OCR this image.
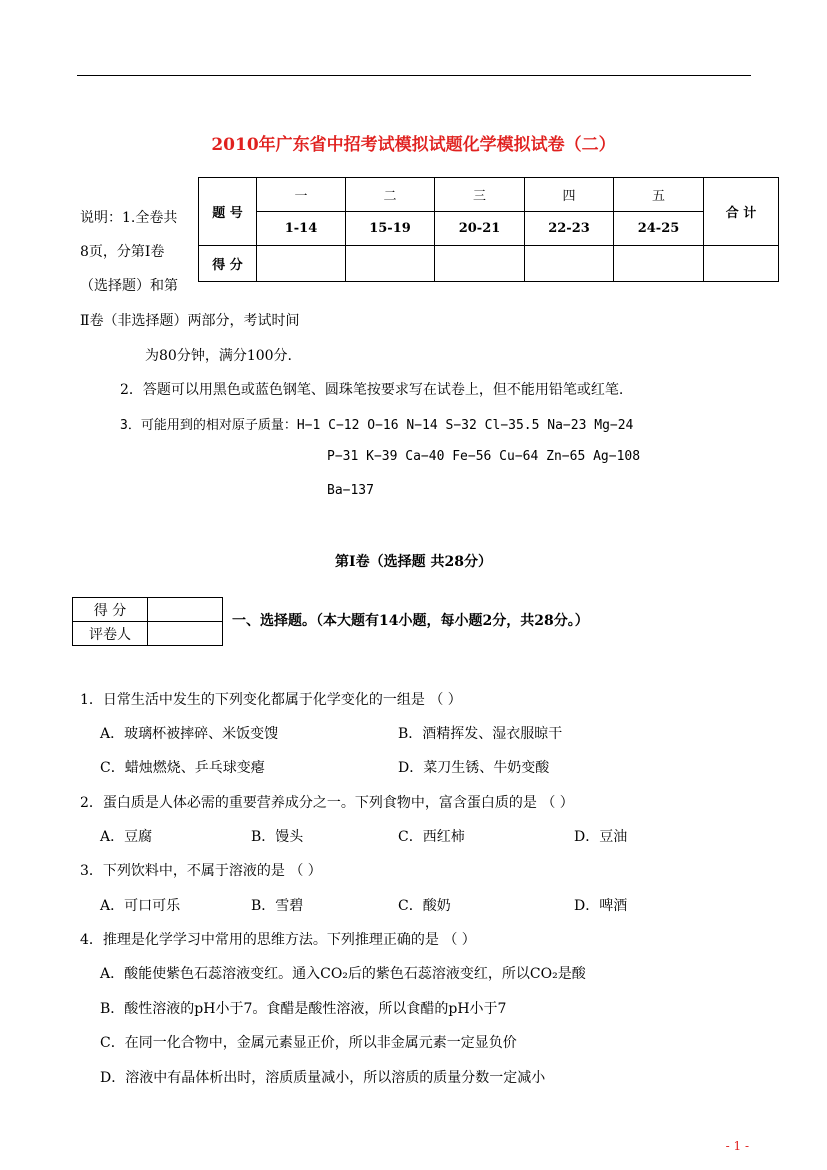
2010年广东省中招考试模拟试题化学模拟试卷（二）
题 号	一	二	三	四	五	合 计
	1-14	15-19	20-21	22-23	24-25	
得 分						
说明：1.全卷共
8页，分第Ⅰ卷
（选择题）和第
Ⅱ卷（非选择题）两部分，考试时间
为80分钟，满分100分.
2．答题可以用黑色或蓝色钢笔、圆珠笔按要求写在试卷上，但不能用铅笔或红笔.
3．可能用到的相对原子质量：H−1 C−12 O−16 N−14 S−32 Cl−35.5 Na−23 Mg−24
P−31 K−39 Ca−40 Fe−56 Cu−64 Zn−65 Ag−108
Ba−137
第Ⅰ卷（选择题 共28分）
得 分	
评卷人	
一、选择题。（本大题有14小题，每小题2分，共28分。）
1．日常生活中发生的下列变化都属于化学变化的一组是 （ ）
A．玻璃杯被摔碎、米饭变馊	B．酒精挥发、湿衣服晾干
C．蜡烛燃烧、乒乓球变瘪	D．菜刀生锈、牛奶变酸
2．蛋白质是人体必需的重要营养成分之一。下列食物中，富含蛋白质的是 （ ）
A．豆腐	B．馒头	C．西红柿	D．豆油
3．下列饮料中，不属于溶液的是 （ ）
A．可口可乐	B．雪碧	C．酸奶	D．啤酒
4．推理是化学学习中常用的思维方法。下列推理正确的是 （ ）
A．酸能使紫色石蕊溶液变红。通入CO₂后的紫色石蕊溶液变红，所以CO₂是酸
B．酸性溶液的pH小于7。食醋是酸性溶液，所以食醋的pH小于7
C．在同一化合物中，金属元素显正价，所以非金属元素一定显负价
D．溶液中有晶体析出时，溶质质量减小，所以溶质的质量分数一定减小
- 1 -
